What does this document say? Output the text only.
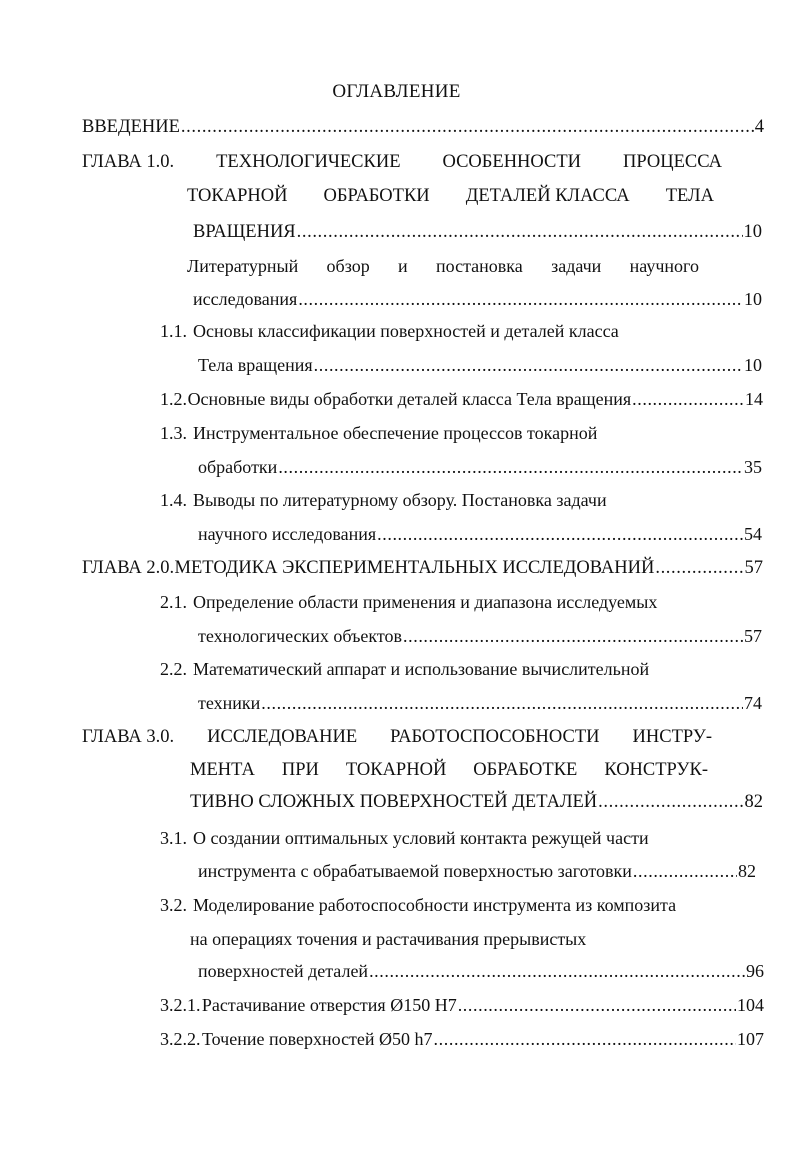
ОГЛАВЛЕНИЕ
ВВЕДЕНИЕ .....	4
ГЛАВА 1.0. ТЕХНОЛОГИЧЕСКИЕ ОСОБЕННОСТИ ПРОЦЕССА
ТОКАРНОЙ ОБРАБОТКИ ДЕТАЛЕЙ КЛАССА ТЕЛА
ВРАЩЕНИЯ .....	10
Литературный обзор и постановка задачи научного
исследования .....	10
1.1. Основы классификации поверхностей и деталей класса
Тела вращения .....	10
1.2. Основные виды обработки деталей класса Тела вращения .....	14
1.3. Инструментальное обеспечение процессов токарной
обработки .....	35
1.4. Выводы по литературному обзору. Постановка задачи
научного исследования .....	54
ГЛАВА 2.0. МЕТОДИКА ЭКСПЕРИМЕНТАЛЬНЫХ ИССЛЕДОВАНИЙ .....	57
2.1. Определение области применения и диапазона исследуемых
технологических объектов .....	57
2.2. Математический аппарат и использование вычислительной
техники .....	74
ГЛАВА 3.0. ИССЛЕДОВАНИЕ РАБОТОСПОСОБНОСТИ ИНСТРУ-
МЕНТА ПРИ ТОКАРНОЙ ОБРАБОТКЕ КОНСТРУК-
ТИВНО СЛОЖНЫХ ПОВЕРХНОСТЕЙ ДЕТАЛЕЙ .....	82
3.1. О создании оптимальных условий контакта режущей части
инструмента с обрабатываемой поверхностью заготовки .....	82
3.2. Моделирование работоспособности инструмента из композита
на операциях точения и растачивания прерывистых
поверхностей деталей .....	96
3.2.1. Растачивание отверстия Ø150 H7 .....	104
3.2.2. Точение поверхностей Ø50 h7 .....	107
